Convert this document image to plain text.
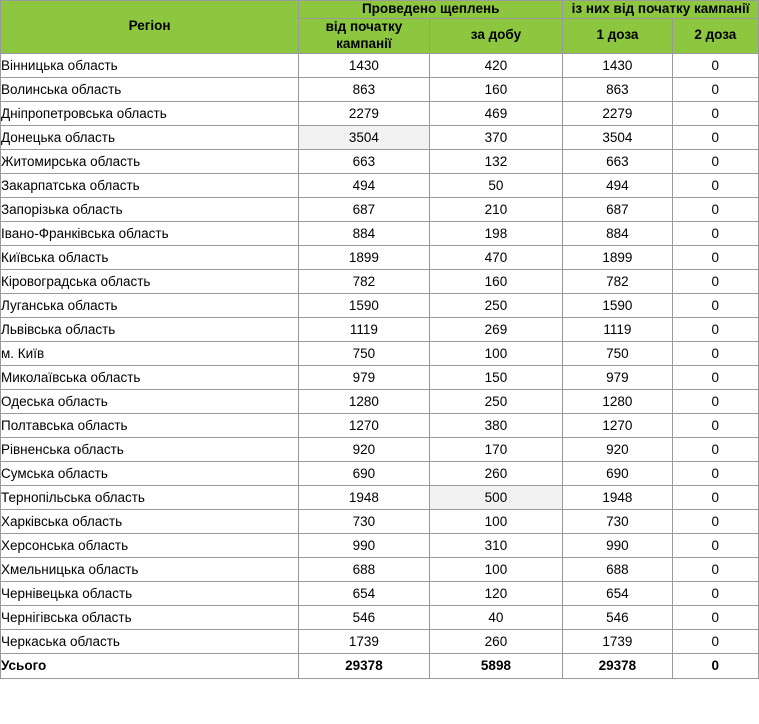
Регіон	Проведено щеплень		із них від початку кампанії	
	від початку кампанії	за добу	1 доза	2 доза
Вінницька область	1430	420	1430	0
Волинська область	863	160	863	0
Дніпропетровська область	2279	469	2279	0
Донецька область	3504	370	3504	0
Житомирська область	663	132	663	0
Закарпатська область	494	50	494	0
Запорізька область	687	210	687	0
Івано-Франківська область	884	198	884	0
Київська область	1899	470	1899	0
Кіровоградська область	782	160	782	0
Луганська область	1590	250	1590	0
Львівська область	1119	269	1119	0
м. Київ	750	100	750	0
Миколаївська область	979	150	979	0
Одеська область	1280	250	1280	0
Полтавська область	1270	380	1270	0
Рівненська область	920	170	920	0
Сумська область	690	260	690	0
Тернопільська область	1948	500	1948	0
Харківська область	730	100	730	0
Херсонська область	990	310	990	0
Хмельницька область	688	100	688	0
Чернівецька область	654	120	654	0
Чернігівська область	546	40	546	0
Черкаська область	1739	260	1739	0
Усього	29378	5898	29378	0
